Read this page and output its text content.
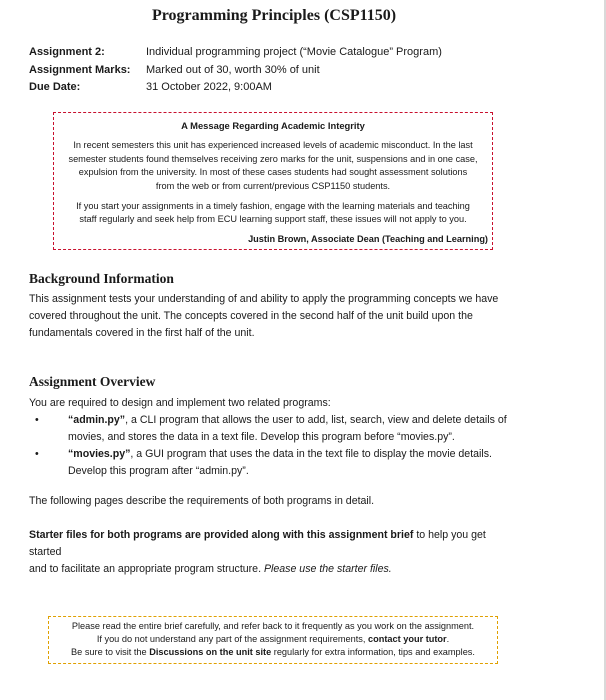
Programming Principles (CSP1150)
Assignment 2:	Individual programming project (“Movie Catalogue” Program)
Assignment Marks:	Marked out of 30, worth 30% of unit
Due Date:	31 October 2022, 9:00AM
A Message Regarding Academic Integrity

In recent semesters this unit has experienced increased levels of academic misconduct. In the last

semester students found themselves receiving zero marks for the unit, suspensions and in one case,

expulsion from the university. In most of these cases students had sought assessment solutions

from the web or from current/previous CSP1150 students.

If you start your assignments in a timely fashion, engage with the learning materials and teaching

staff regularly and seek help from ECU learning support staff, these issues will not apply to you.

Justin Brown, Associate Dean (Teaching and Learning)
Background Information
This assignment tests your understanding of and ability to apply the programming concepts we have
covered throughout the unit. The concepts covered in the second half of the unit build upon the
fundamentals covered in the first half of the unit.
Assignment Overview
You are required to design and implement two related programs:
•	“admin.py”, a CLI program that allows the user to add, list, search, view and delete details of
movies, and stores the data in a text file. Develop this program before “movies.py”.
•	“movies.py”, a GUI program that uses the data in the text file to display the movie details.
Develop this program after “admin.py”.
The following pages describe the requirements of both programs in detail.
Starter files for both programs are provided along with this assignment brief to help you get started
and to facilitate an appropriate program structure. Please use the starter files.
Please read the entire brief carefully, and refer back to it frequently as you work on the assignment.
If you do not understand any part of the assignment requirements, contact your tutor.
Be sure to visit the Discussions on the unit site regularly for extra information, tips and examples.
